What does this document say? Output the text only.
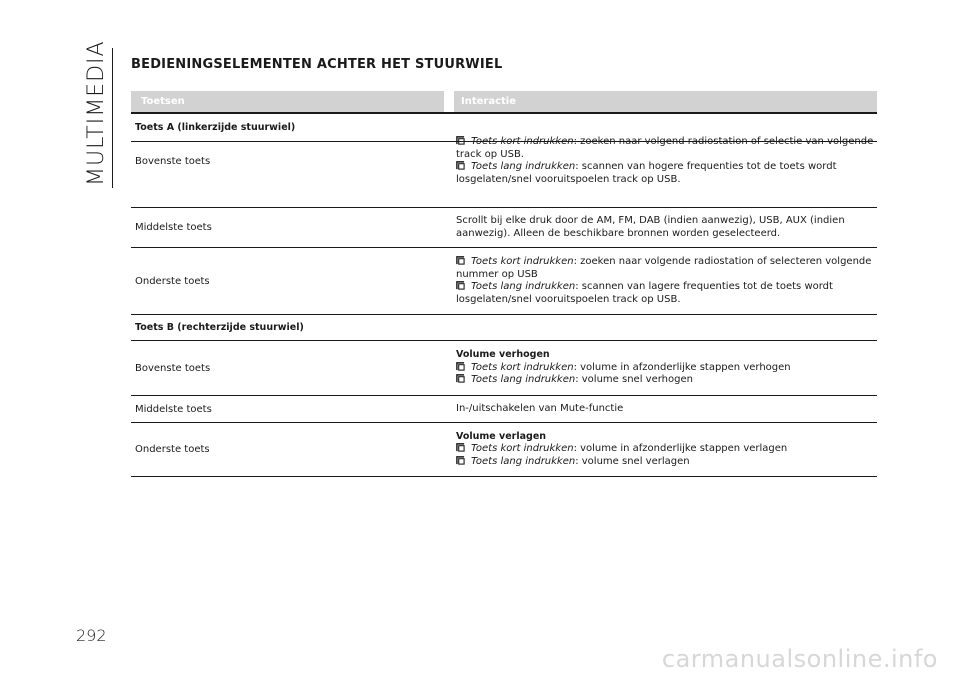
MULTIMEDIA BEDIENINGSELEMENTEN ACHTER HET STUURWIEL
Toetsen	Interactie
Toets A (linkerzijde stuurwiel)
Bovenste toets
Toets kort indrukken: zoeken naar volgend radiostation of selectie van volgende track op USB.
Toets lang indrukken: scannen van hogere frequenties tot de toets wordt losgelaten/snel vooruitspoelen track op USB.
Middelste toets
Scrollt bij elke druk door de AM, FM, DAB (indien aanwezig), USB, AUX (indien aanwezig). Alleen de beschikbare bronnen worden geselecteerd.
Onderste toets
Toets kort indrukken: zoeken naar volgende radiostation of selecteren volgende nummer op USB
Toets lang indrukken: scannen van lagere frequenties tot de toets wordt losgelaten/snel vooruitspoelen track op USB.
Toets B (rechterzijde stuurwiel)
Bovenste toets
Volume verhogen
Toets kort indrukken: volume in afzonderlijke stappen verhogen
Toets lang indrukken: volume snel verhogen
Middelste toets	In-/uitschakelen van Mute-functie
Onderste toets
Volume verlagen
Toets kort indrukken: volume in afzonderlijke stappen verlagen
Toets lang indrukken: volume snel verlagen

292

carmanualsonline.info
